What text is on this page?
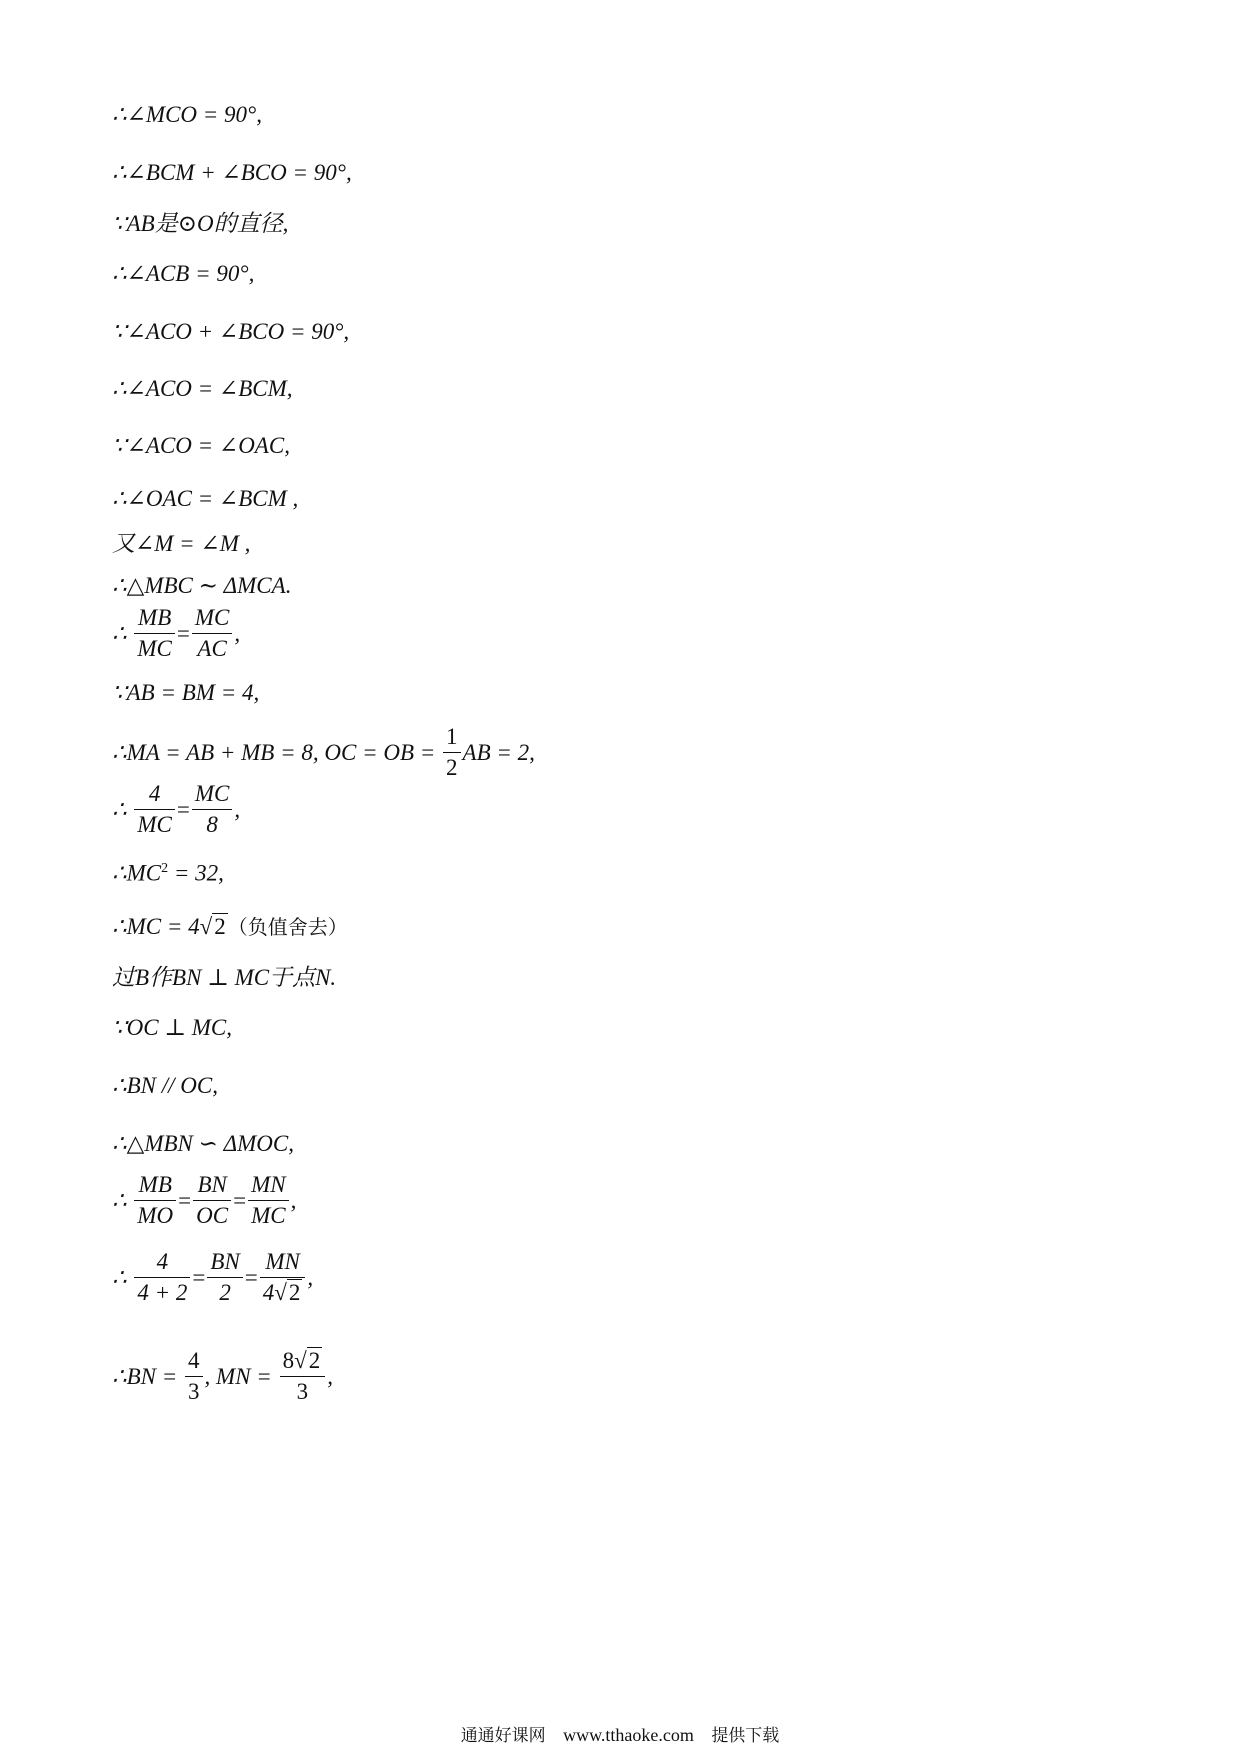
∴∠MCO = 90°,
∴∠BCM + ∠BCO = 90°,
∵AB是⊙O的直径,
∴∠ACB = 90°,
∵∠ACO + ∠BCO = 90°,
∴∠ACO = ∠BCM,
∵∠ACO = ∠OAC,
∴∠OAC = ∠BCM ,
又∠M = ∠M ,
∴△MBC ∼ ΔMCA.
∴ $\frac{MB}{MC} = \frac{MC}{AC}$ ,
∵AB = BM = 4,
∴MA = AB + MB = 8, OC = OB = $\frac{1}{2}$ AB = 2,
∴ $\frac{4}{MC} = \frac{MC}{8}$ ,
$\therefore MC^2 = 32$,
∴MC = 4√2 （负值舍去）
过B作BN ⊥ MC于点N.
∵OC ⊥ MC,
∴BN // OC,
∴△MBN ∽ ΔMOC,
∴ $\frac{MB}{MO} = \frac{BN}{OC} = \frac{MN}{MC}$ ,
∴ $\frac{4}{4 + 2} = \frac{BN}{2} = \frac{MN}{4√2}$ ,
∴BN = $\frac{4}{3}$ , MN = $\frac{8√2}{3}$ ,
通通好课网 www.tthaoke.com 提供下载
